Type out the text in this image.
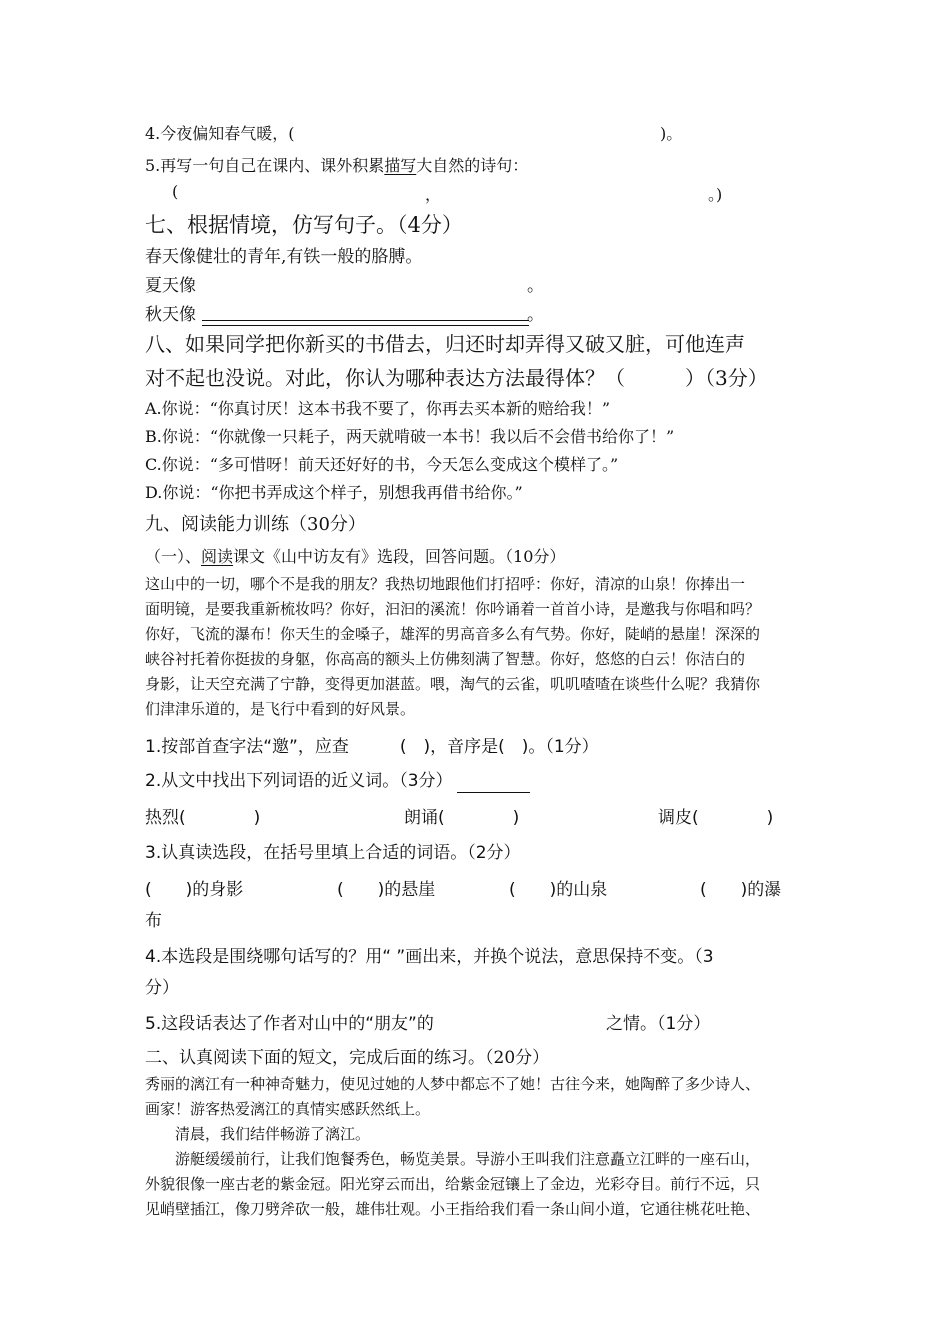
4.今夜偏知春气暖，(	)。
5.再写一句自己在课内、课外积累描写大自然的诗句：
(	，	。)
七、根据情境，仿写句子。（4分）
春天像健壮的青年,有铁一般的胳膊。
夏天像	。
秋天像	。
八、如果同学把你新买的书借去，归还时却弄得又破又脏，可他连声
对不起也没说。对此，你认为哪种表达方法最得体？（　　　）（3分）
A.你说：“你真讨厌！这本书我不要了，你再去买本新的赔给我！”
B.你说：“你就像一只耗子，两天就啃破一本书！我以后不会借书给你了！”
C.你说：“多可惜呀！前天还好好的书，今天怎么变成这个模样了。”
D.你说：“你把书弄成这个样子，别想我再借书给你。”
九、阅读能力训练（30分）
（一）、阅读课文《山中访友有》选段，回答问题。（10分）
这山中的一切，哪个不是我的朋友？我热切地跟他们打招呼：你好，清凉的山泉！你捧出一
面明镜，是要我重新梳妆吗？你好，汩汩的溪流！你吟诵着一首首小诗，是邀我与你唱和吗？
你好，飞流的瀑布！你天生的金嗓子，雄浑的男高音多么有气势。你好，陡峭的悬崖！深深的
峡谷衬托着你挺拔的身躯，你高高的额头上仿佛刻满了智慧。你好，悠悠的白云！你洁白的
身影，让天空充满了宁静，变得更加湛蓝。喂，淘气的云雀，叽叽喳喳在谈些什么呢？我猜你
们津津乐道的，是飞行中看到的好风景。
1.按部首查字法“邀”，应查　　　(　)，音序是(　)。（1分）
2.从文中找出下列词语的近义词。（3分）
热烈(　　　　)	朗诵(　　　　)	调皮(　　　　)
3.认真读选段，在括号里填上合适的词语。（2分）
(　　)的身影	(　　)的悬崖	(　　)的山泉	(　　)的瀑
布
4.本选段是围绕哪句话写的？用“ ”画出来，并换个说法，意思保持不变。（3
分）
5.这段话表达了作者对山中的“朋友”的	之情。（1分）
二、认真阅读下面的短文，完成后面的练习。（20分）
秀丽的漓江有一种神奇魅力，使见过她的人梦中都忘不了她！古往今来，她陶醉了多少诗人、
画家！游客热爱漓江的真情实感跃然纸上。
　　清晨，我们结伴畅游了漓江。
　　游艇缓缓前行，让我们饱餐秀色，畅览美景。导游小王叫我们注意矗立江畔的一座石山，
外貌很像一座古老的紫金冠。阳光穿云而出，给紫金冠镶上了金边，光彩夺目。前行不远，只
见峭壁插江，像刀劈斧砍一般，雄伟壮观。小王指给我们看一条山间小道，它通往桃花吐艳、
